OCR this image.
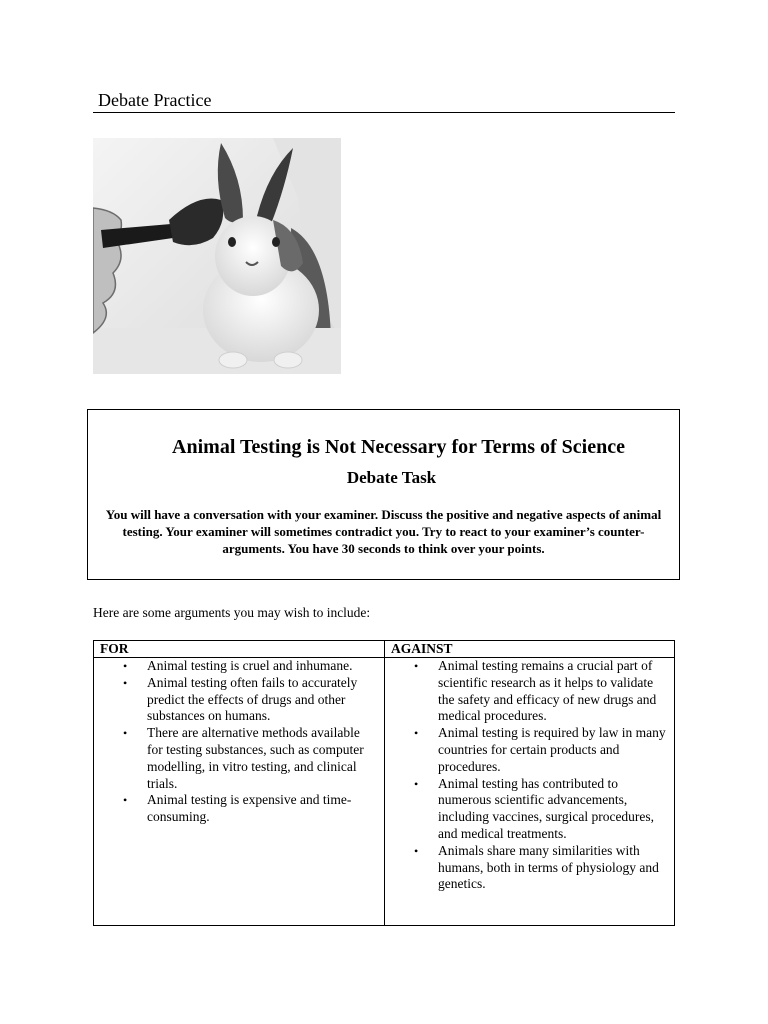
Debate Practice
Animal Testing is Not Necessary for Terms of Science
Debate Task
You will have a conversation with your examiner. Discuss the positive and negative aspects of animal testing. Your examiner will sometimes contradict you. Try to react to your examiner’s counter-arguments. You have 30 seconds to think over your points.
Here are some arguments you may wish to include:
FOR
• Animal testing is cruel and inhumane.
• Animal testing often fails to accurately predict the effects of drugs and other substances on humans.
• There are alternative methods available for testing substances, such as computer modelling, in vitro testing, and clinical trials.
• Animal testing is expensive and time-consuming.
AGAINST
• Animal testing remains a crucial part of scientific research as it helps to validate the safety and efficacy of new drugs and medical procedures.
• Animal testing is required by law in many countries for certain products and procedures.
• Animal testing has contributed to numerous scientific advancements, including vaccines, surgical procedures, and medical treatments.
• Animals share many similarities with humans, both in terms of physiology and genetics.
